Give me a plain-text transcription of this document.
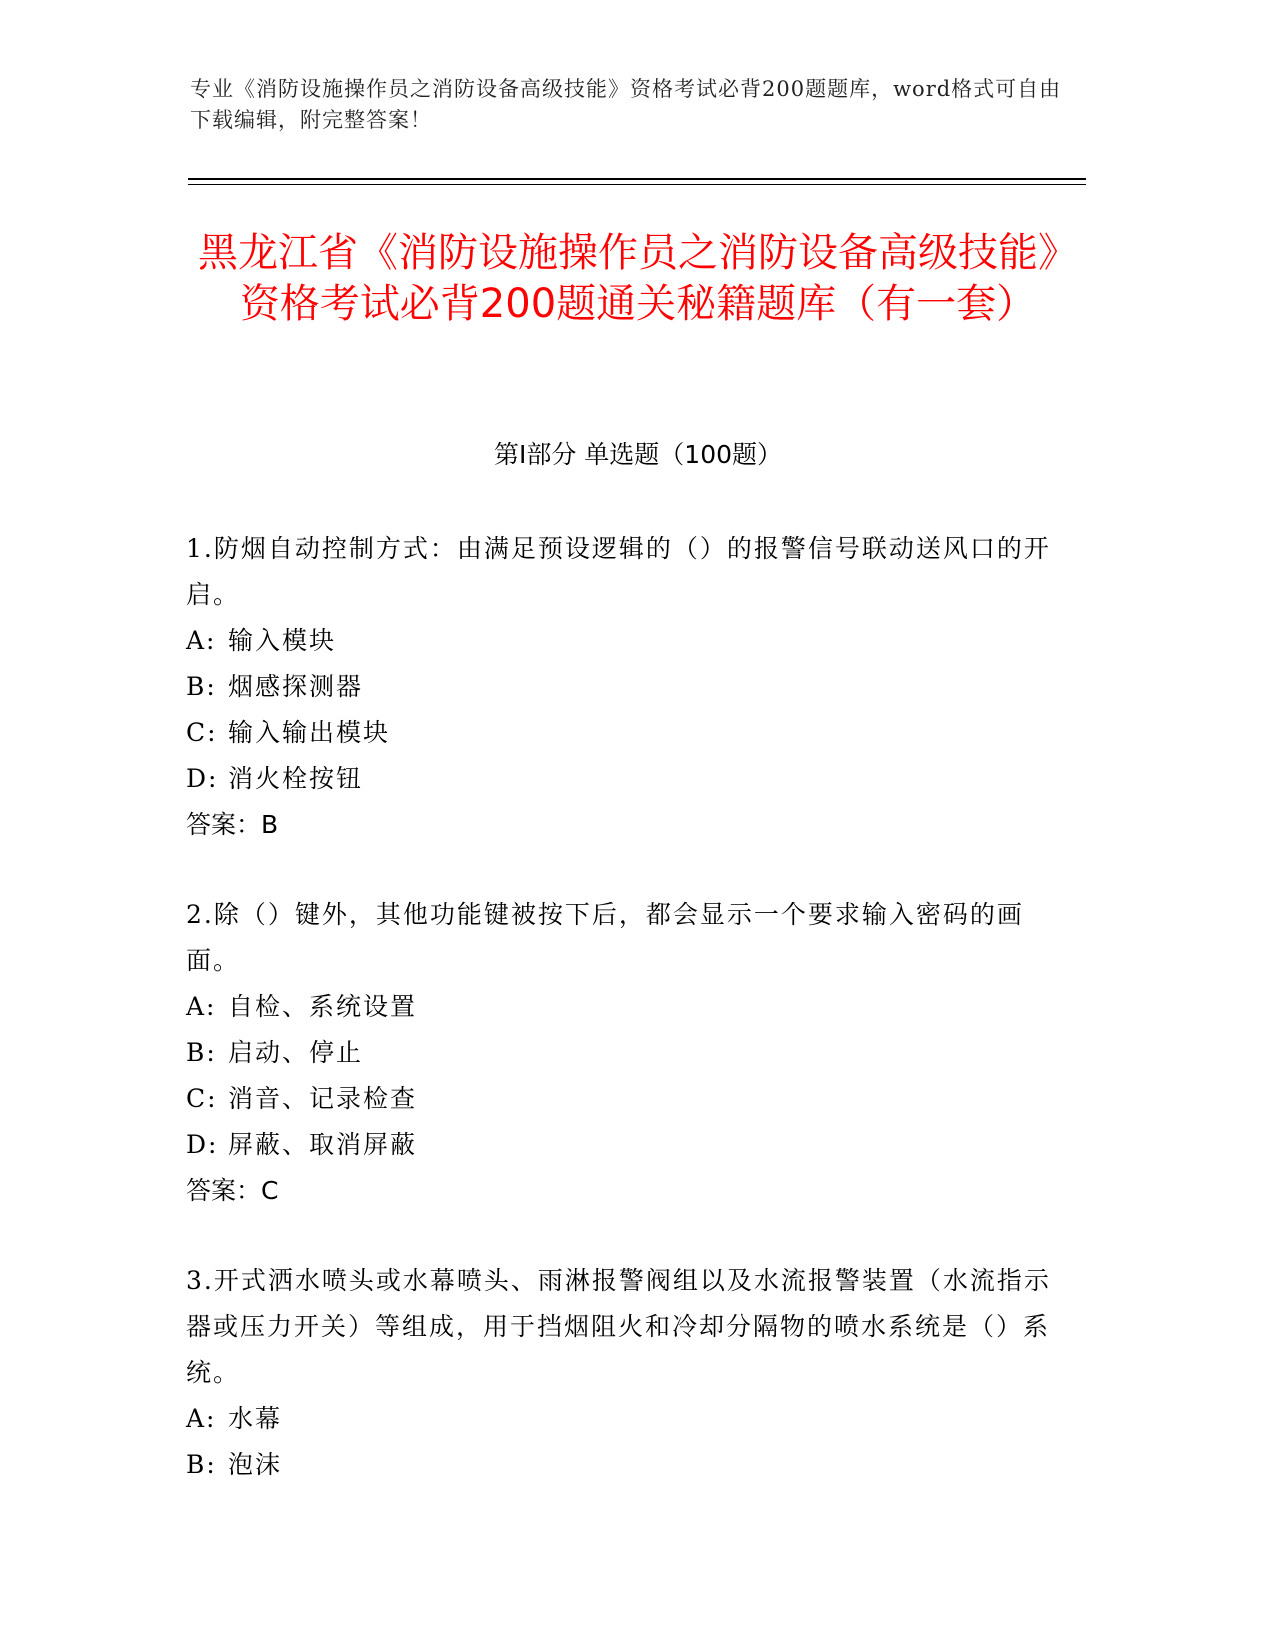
专业《消防设施操作员之消防设备高级技能》资格考试必背200题题库，word格式可自由下载编辑，附完整答案！
黑龙江省《消防设施操作员之消防设备高级技能》资格考试必背200题通关秘籍题库（有一套）
第I部分 单选题（100题）

1.防烟自动控制方式：由满足预设逻辑的（）的报警信号联动送风口的开启。

A: 输入模块
B: 烟感探测器
C: 输入输出模块
D: 消火栓按钮

答案：B

2.除（）键外，其他功能键被按下后，都会显示一个要求输入密码的画面。

A: 自检、系统设置
B: 启动、停止
C: 消音、记录检查
D: 屏蔽、取消屏蔽

答案：C

3.开式洒水喷头或水幕喷头、雨淋报警阀组以及水流报警装置（水流指示器或压力开关）等组成，用于挡烟阻火和冷却分隔物的喷水系统是（）系统。

A: 水幕
B: 泡沫
